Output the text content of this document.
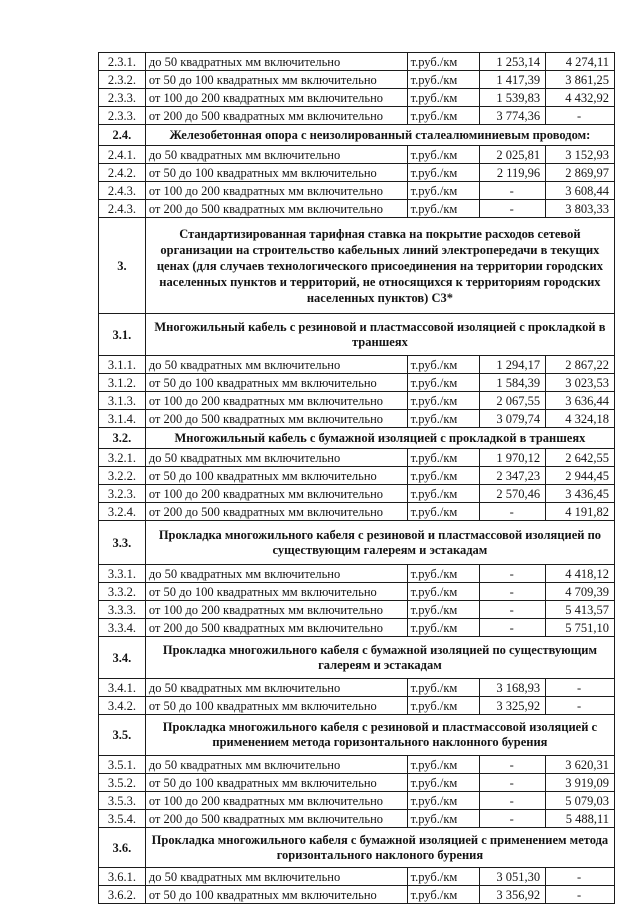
2.3.1.	до 50 квадратных мм включительно	т.руб./км	1 253,14	4 274,11
2.3.2.	от 50 до 100 квадратных мм включительно	т.руб./км	1 417,39	3 861,25
2.3.3.	от 100 до 200 квадратных мм включительно	т.руб./км	1 539,83	4 432,92
2.3.3.	от 200 до 500 квадратных мм включительно	т.руб./км	3 774,36	-
2.4.	Железобетонная опора с неизолированный сталеалюминиевым проводом:			
2.4.1.	до 50 квадратных мм включительно	т.руб./км	2 025,81	3 152,93
2.4.2.	от 50 до 100 квадратных мм включительно	т.руб./км	2 119,96	2 869,97
2.4.3.	от 100 до 200 квадратных мм включительно	т.руб./км	-	3 608,44
2.4.3.	от 200 до 500 квадратных мм включительно	т.руб./км	-	3 803,33
3.	Стандартизированная тарифная ставка на покрытие расходов сетевой организации на строительство кабельных линий электропередачи в текущих ценах (для случаев технологического присоединения на территории городских населенных пунктов и территорий, не относящихся к территориям городских населенных пунктов) С3*			
3.1.	Многожильный кабель с резиновой и пластмассовой изоляцией с прокладкой в траншеях			
3.1.1.	до 50 квадратных мм включительно	т.руб./км	1 294,17	2 867,22
3.1.2.	от 50 до 100 квадратных мм включительно	т.руб./км	1 584,39	3 023,53
3.1.3.	от 100 до 200 квадратных мм включительно	т.руб./км	2 067,55	3 636,44
3.1.4.	от 200 до 500 квадратных мм включительно	т.руб./км	3 079,74	4 324,18
3.2.	Многожильный кабель с бумажной изоляцией с прокладкой в траншеях			
3.2.1.	до 50 квадратных мм включительно	т.руб./км	1 970,12	2 642,55
3.2.2.	от 50 до 100 квадратных мм включительно	т.руб./км	2 347,23	2 944,45
3.2.3.	от 100 до 200 квадратных мм включительно	т.руб./км	2 570,46	3 436,45
3.2.4.	от 200 до 500 квадратных мм включительно	т.руб./км	-	4 191,82
3.3.	Прокладка многожильного кабеля с резиновой и пластмассовой изоляцией по существующим галереям и эстакадам			
3.3.1.	до 50 квадратных мм включительно	т.руб./км	-	4 418,12
3.3.2.	от 50 до 100 квадратных мм включительно	т.руб./км	-	4 709,39
3.3.3.	от 100 до 200 квадратных мм включительно	т.руб./км	-	5 413,57
3.3.4.	от 200 до 500 квадратных мм включительно	т.руб./км	-	5 751,10
3.4.	Прокладка многожильного кабеля с бумажной изоляцией по существующим галереям и эстакадам			
3.4.1.	до 50 квадратных мм включительно	т.руб./км	3 168,93	-
3.4.2.	от 50 до 100 квадратных мм включительно	т.руб./км	3 325,92	-
3.5.	Прокладка многожильного кабеля с резиновой и пластмассовой изоляцией с применением метода горизонтального наклонного бурения			
3.5.1.	до 50 квадратных мм включительно	т.руб./км	-	3 620,31
3.5.2.	от 50 до 100 квадратных мм включительно	т.руб./км	-	3 919,09
3.5.3.	от 100 до 200 квадратных мм включительно	т.руб./км	-	5 079,03
3.5.4.	от 200 до 500 квадратных мм включительно	т.руб./км	-	5 488,11
3.6.	Прокладка многожильного кабеля с бумажной изоляцией с применением метода горизонтального наклоного бурения			
3.6.1.	до 50 квадратных мм включительно	т.руб./км	3 051,30	-
3.6.2.	от 50 до 100 квадратных мм включительно	т.руб./км	3 356,92	-
